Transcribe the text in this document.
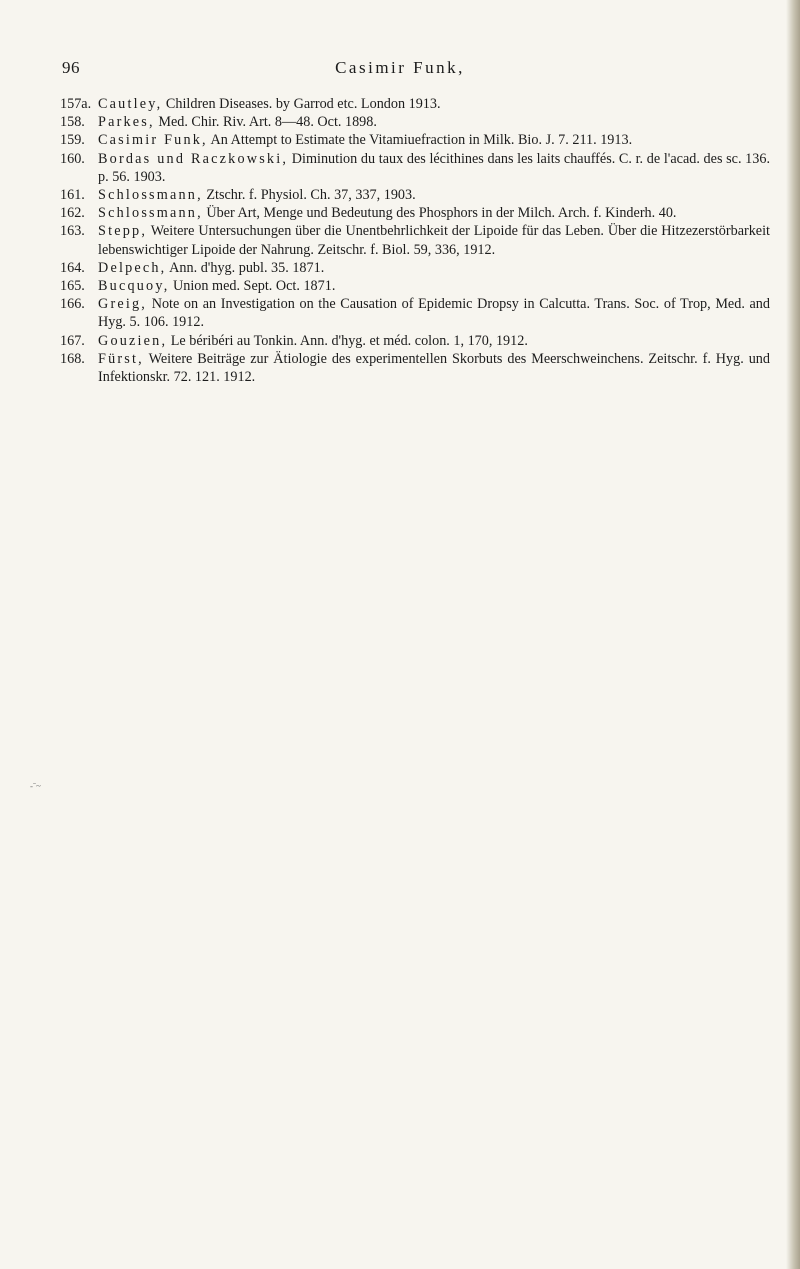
96	Casimir Funk,
157a. Cautley, Children Diseases. by Garrod etc. London 1913.
158. Parkes, Med. Chir. Riv. Art. 8—48. Oct. 1898.
159. Casimir Funk, An Attempt to Estimate the Vitamiuefraction in Milk. Bio. J. 7. 211. 1913.
160. Bordas und Raczkowski, Diminution du taux des lécithines dans les laits chauffés. C. r. de l'acad. des sc. 136. p. 56. 1903.
161. Schlossmann, Ztschr. f. Physiol. Ch. 37, 337, 1903.
162. Schlossmann, Über Art, Menge und Bedeutung des Phosphors in der Milch. Arch. f. Kinderh. 40.
163. Stepp, Weitere Untersuchungen über die Unentbehrlichkeit der Lipoide für das Leben. Über die Hitzezerstörbarkeit lebenswichtiger Lipoide der Nahrung. Zeitschr. f. Biol. 59, 336, 1912.
164. Delpech, Ann. d'hyg. publ. 35. 1871.
165. Bucquoy, Union med. Sept. Oct. 1871.
166. Greig, Note on an Investigation on the Causation of Epidemic Dropsy in Calcutta. Trans. Soc. of Trop, Med. and Hyg. 5. 106. 1912.
167. Gouzien, Le béribéri au Tonkin. Ann. d'hyg. et méd. colon. 1, 170, 1912.
168. Fürst, Weitere Beiträge zur Ätiologie des experimentellen Skorbuts des Meerschweinchens. Zeitschr. f. Hyg. und Infektionskr. 72. 121. 1912.
‑ˉ~
